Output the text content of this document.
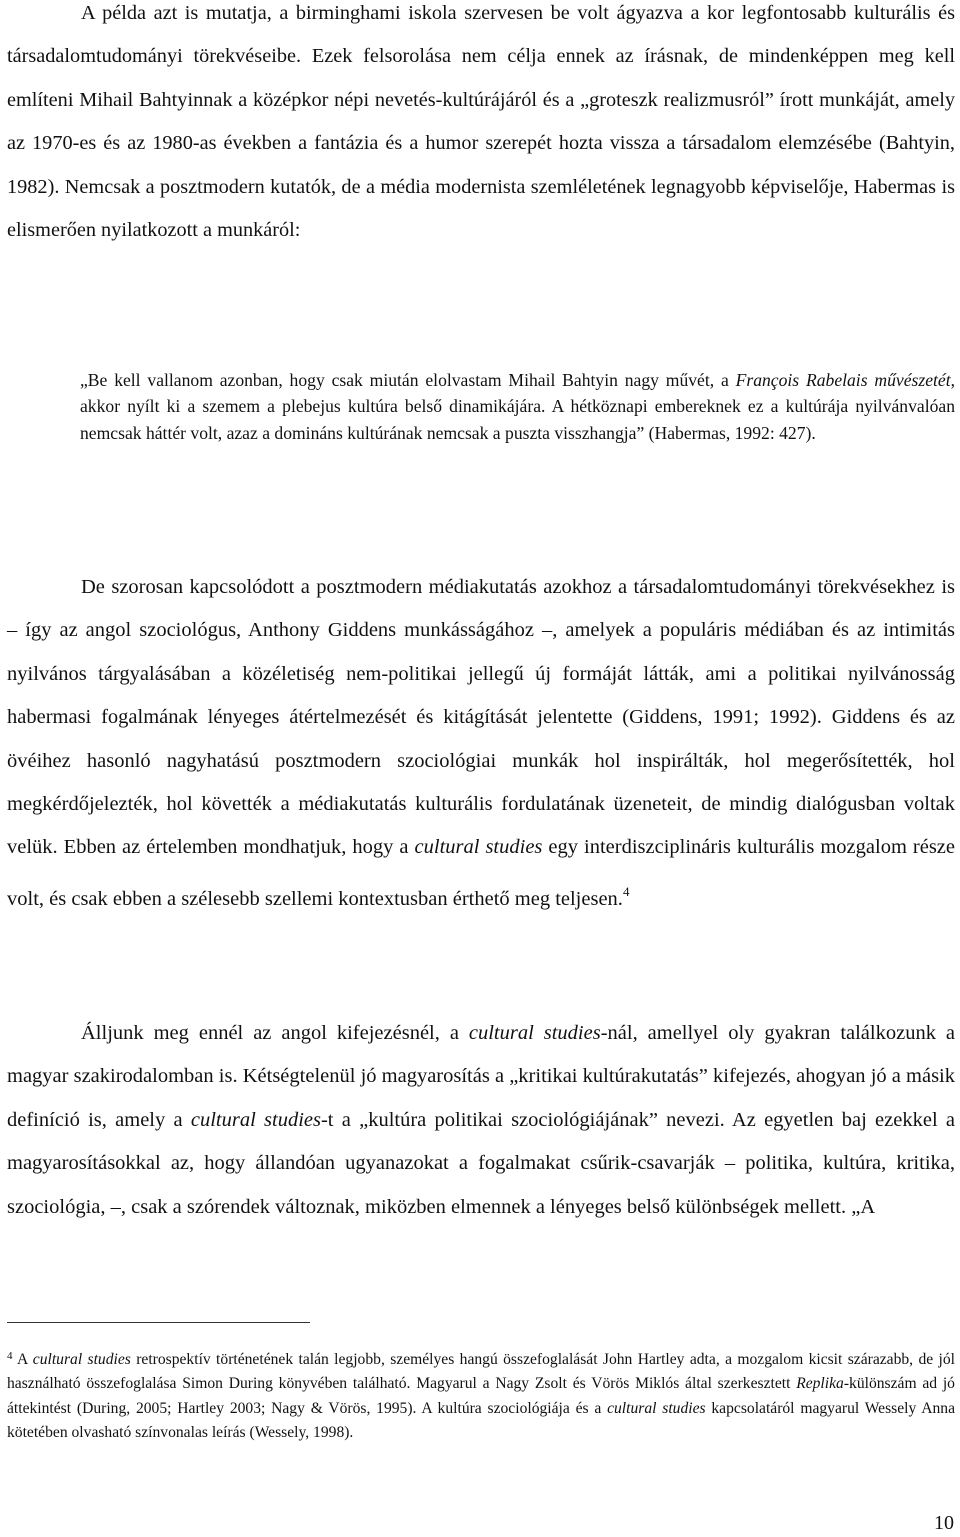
A példa azt is mutatja, a birminghami iskola szervesen be volt ágyazva a kor legfontosabb kulturális és társadalomtudományi törekvéseibe. Ezek felsorolása nem célja ennek az írásnak, de mindenképpen meg kell említeni Mihail Bahtyinnak a középkor népi nevetés-kultúrájáról és a „groteszk realizmusról” írott munkáját, amely az 1970-es és az 1980-as években a fantázia és a humor szerepét hozta vissza a társadalom elemzésébe (Bahtyin, 1982). Nemcsak a posztmodern kutatók, de a média modernista szemléletének legnagyobb képviselője, Habermas is elismerően nyilatkozott a munkáról:

„Be kell vallanom azonban, hogy csak miután elolvastam Mihail Bahtyin nagy művét, a François Rabelais művészetét, akkor nyílt ki a szemem a plebejus kultúra belső dinamikájára. A hétköznapi embereknek ez a kultúrája nyilvánvalóan nemcsak háttér volt, azaz a domináns kultúrának nemcsak a puszta visszhangja” (Habermas, 1992: 427).

De szorosan kapcsolódott a posztmodern médiakutatás azokhoz a társadalomtudományi törekvésekhez is – így az angol szociológus, Anthony Giddens munkásságához –, amelyek a populáris médiában és az intimitás nyilvános tárgyalásában a közéletiség nem-politikai jellegű új formáját látták, ami a politikai nyilvánosság habermasi fogalmának lényeges átértelmezését és kitágítását jelentette (Giddens, 1991; 1992). Giddens és az övéihez hasonló nagyhatású posztmodern szociológiai munkák hol inspirálták, hol megerősítették, hol megkérdőjelezték, hol követték a médiakutatás kulturális fordulatának üzeneteit, de mindig dialógusban voltak velük. Ebben az értelemben mondhatjuk, hogy a cultural studies egy interdiszciplináris kulturális mozgalom része volt, és csak ebben a szélesebb szellemi kontextusban érthető meg teljesen.$^4$

Álljunk meg ennél az angol kifejezésnél, a cultural studies-nál, amellyel oly gyakran találkozunk a magyar szakirodalomban is. Kétségtelenül jó magyarosítás a „kritikai kultúrakutatás” kifejezés, ahogyan jó a másik definíció is, amely a cultural studies-t a „kultúra politikai szociológiájának” nevezi. Az egyetlen baj ezekkel a magyarosításokkal az, hogy állandóan ugyanazokat a fogalmakat csűrik-csavarják – politika, kultúra, kritika, szociológia, –, csak a szórendek változnak, miközben elmennek a lényeges belső különbségek mellett. „A

$^4$ A cultural studies retrospektív történetének talán legjobb, személyes hangú összefoglalását John Hartley adta, a mozgalom kicsit szárazabb, de jól használható összefoglalása Simon During könyvében található. Magyarul a Nagy Zsolt és Vörös Miklós által szerkesztett Replika-különszám ad jó áttekintést (During, 2005; Hartley 2003; Nagy & Vörös, 1995). A kultúra szociológiája és a cultural studies kapcsolatáról magyarul Wessely Anna kötetében olvasható színvonalas leírás (Wessely, 1998).

10
